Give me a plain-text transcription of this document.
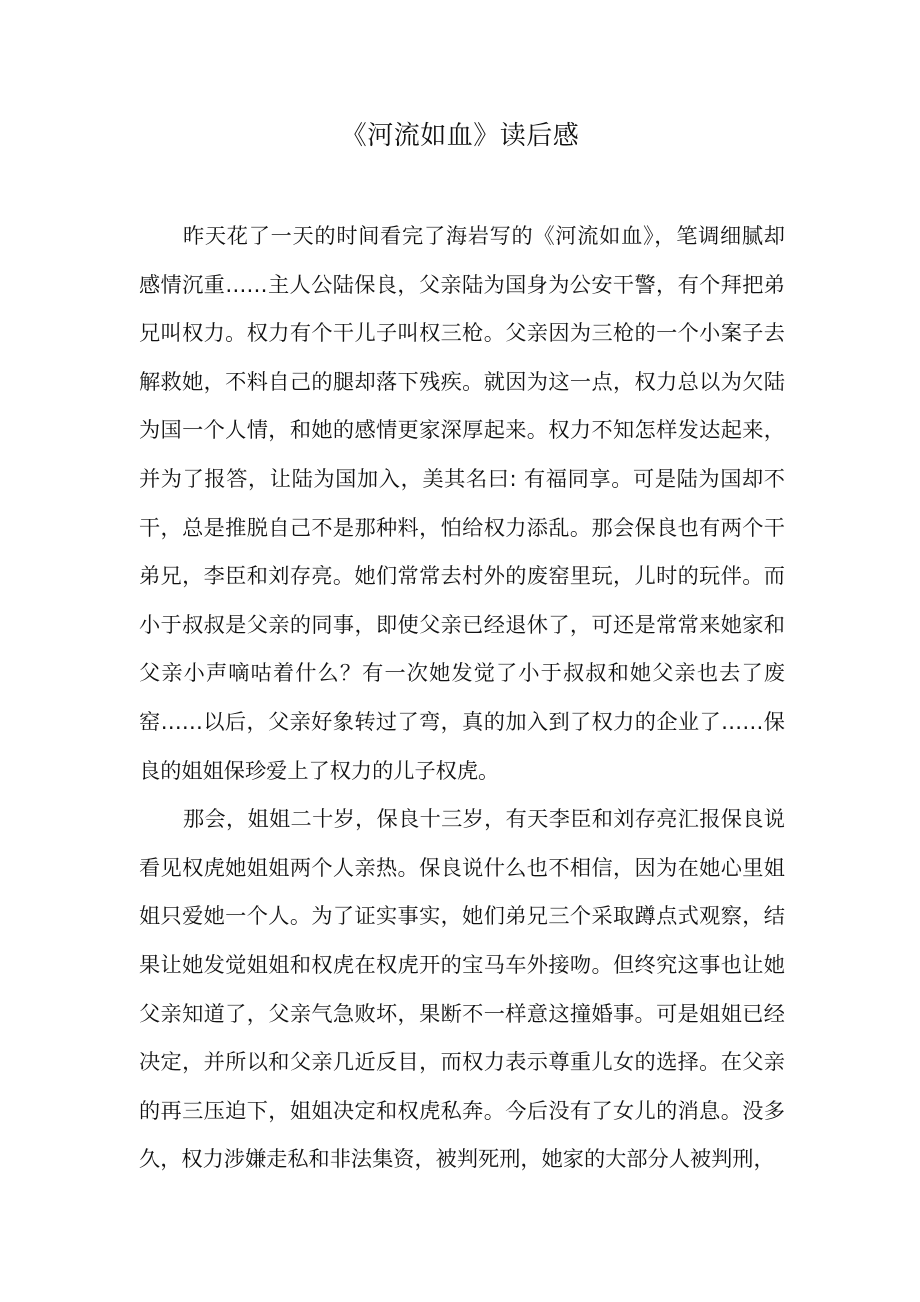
《河流如血》读后感

昨天花了一天的时间看完了海岩写的《河流如血》，笔调细腻却感情沉重……主人公陆保良，父亲陆为国身为公安干警，有个拜把弟兄叫权力。权力有个干儿子叫权三枪。父亲因为三枪的一个小案子去解救她，不料自己的腿却落下残疾。就因为这一点，权力总以为欠陆为国一个人情，和她的感情更家深厚起来。权力不知怎样发达起来，并为了报答，让陆为国加入，美其名曰: 有福同享。可是陆为国却不干，总是推脱自己不是那种料，怕给权力添乱。那会保良也有两个干弟兄，李臣和刘存亮。她们常常去村外的废窑里玩，儿时的玩伴。而小于叔叔是父亲的同事，即使父亲已经退休了，可还是常常来她家和父亲小声嘀咕着什么？有一次她发觉了小于叔叔和她父亲也去了废窑……以后，父亲好象转过了弯，真的加入到了权力的企业了……保良的姐姐保珍爱上了权力的儿子权虎。

那会，姐姐二十岁，保良十三岁，有天李臣和刘存亮汇报保良说看见权虎她姐姐两个人亲热。保良说什么也不相信，因为在她心里姐姐只爱她一个人。为了证实事实，她们弟兄三个采取蹲点式观察，结果让她发觉姐姐和权虎在权虎开的宝马车外接吻。但终究这事也让她父亲知道了，父亲气急败坏，果断不一样意这撞婚事。可是姐姐已经决定，并所以和父亲几近反目，而权力表示尊重儿女的选择。在父亲的再三压迫下，姐姐决定和权虎私奔。今后没有了女儿的消息。没多久，权力涉嫌走私和非法集资，被判死刑，她家的大部分人被判刑，
